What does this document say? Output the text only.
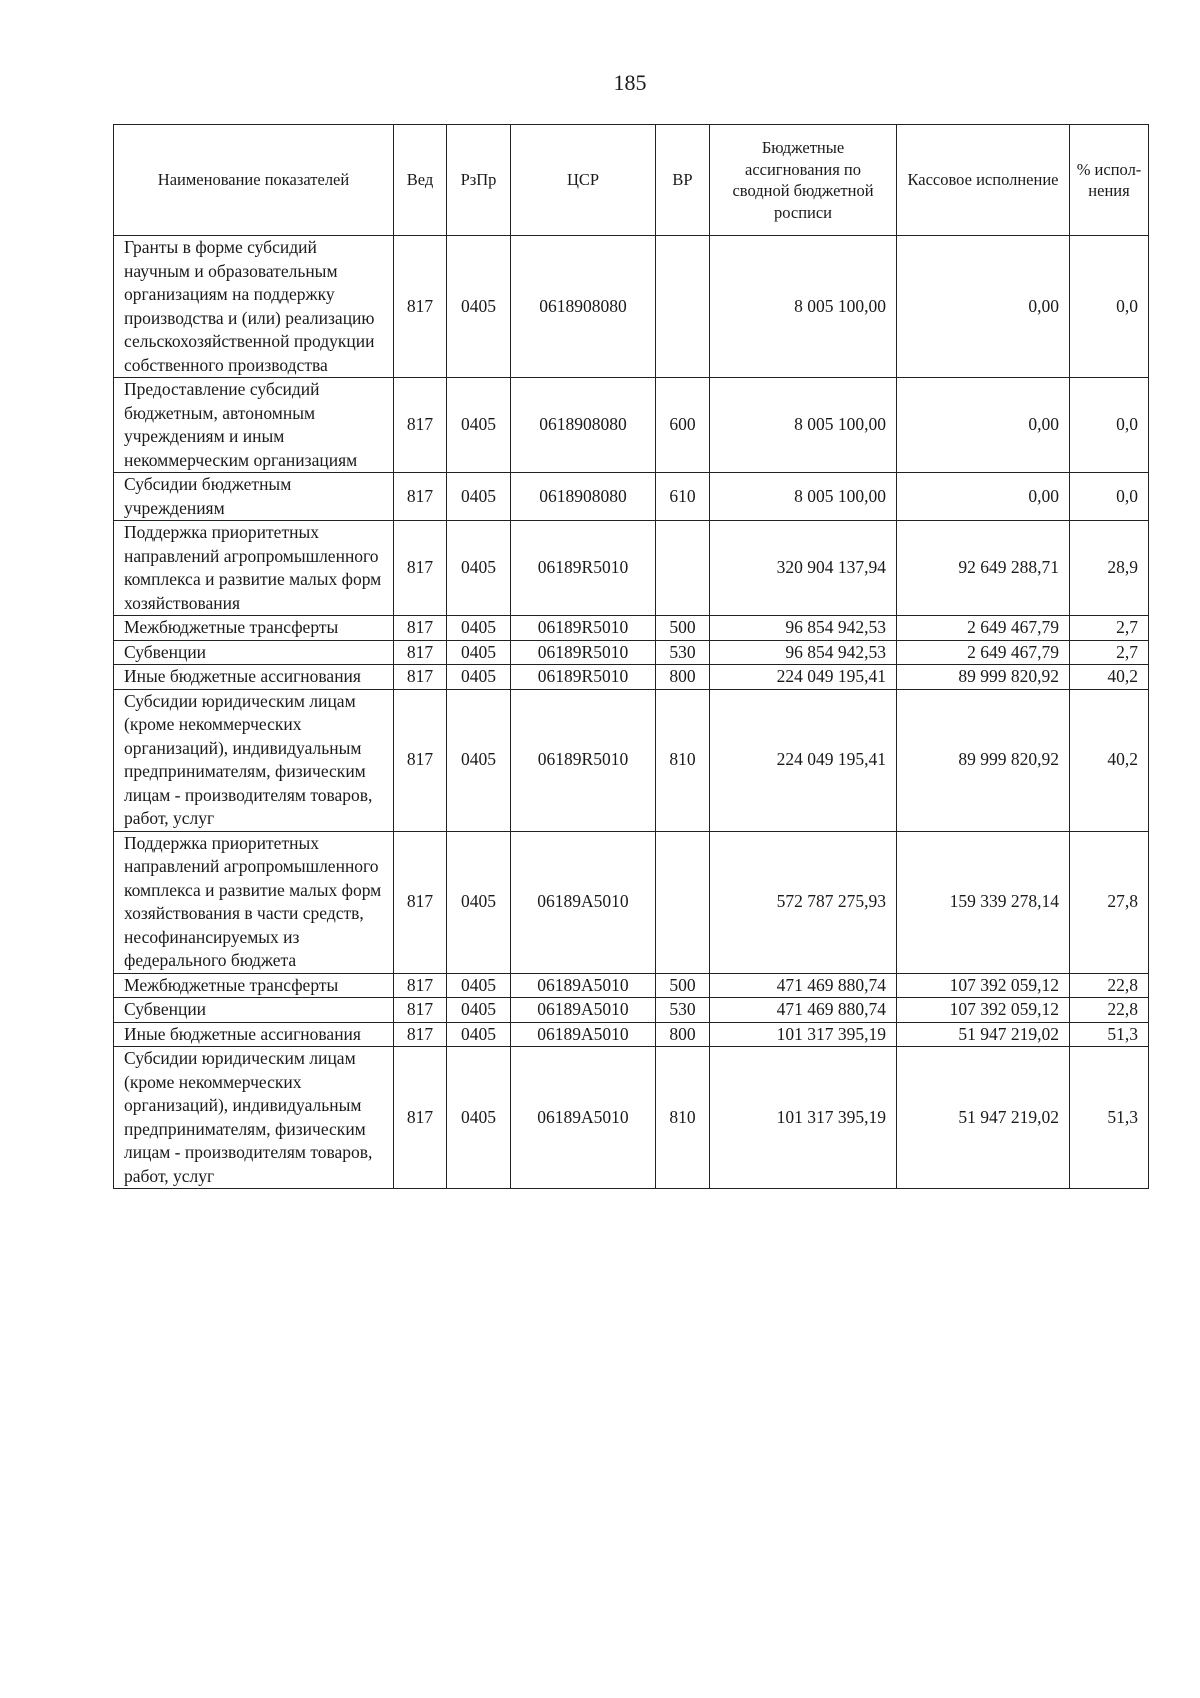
185
Наименование показателей	Вед	РзПр	ЦСР	ВР	Бюджетные ассигнования по сводной бюджетной росписи	Кассовое исполнение	% испол-нения
Гранты в форме субсидий научным и образовательным организациям на поддержку производства и (или) реализацию сельскохозяйственной продукции собственного производства	817	0405	0618908080		8 005 100,00	0,00	0,0
Предоставление субсидий бюджетным, автономным учреждениям и иным некоммерческим организациям	817	0405	0618908080	600	8 005 100,00	0,00	0,0
Субсидии бюджетным учреждениям	817	0405	0618908080	610	8 005 100,00	0,00	0,0
Поддержка приоритетных направлений агропромышленного комплекса и развитие малых форм хозяйствования	817	0405	06189R5010		320 904 137,94	92 649 288,71	28,9
Межбюджетные трансферты	817	0405	06189R5010	500	96 854 942,53	2 649 467,79	2,7
Субвенции	817	0405	06189R5010	530	96 854 942,53	2 649 467,79	2,7
Иные бюджетные ассигнования	817	0405	06189R5010	800	224 049 195,41	89 999 820,92	40,2
Субсидии юридическим лицам (кроме некоммерческих организаций), индивидуальным предпринимателям, физическим лицам - производителям товаров, работ, услуг	817	0405	06189R5010	810	224 049 195,41	89 999 820,92	40,2
Поддержка приоритетных направлений агропромышленного комплекса и развитие малых форм хозяйствования в части средств, несофинансируемых из федерального бюджета	817	0405	06189A5010		572 787 275,93	159 339 278,14	27,8
Межбюджетные трансферты	817	0405	06189A5010	500	471 469 880,74	107 392 059,12	22,8
Субвенции	817	0405	06189A5010	530	471 469 880,74	107 392 059,12	22,8
Иные бюджетные ассигнования	817	0405	06189A5010	800	101 317 395,19	51 947 219,02	51,3
Субсидии юридическим лицам (кроме некоммерческих организаций), индивидуальным предпринимателям, физическим лицам - производителям товаров, работ, услуг	817	0405	06189A5010	810	101 317 395,19	51 947 219,02	51,3
